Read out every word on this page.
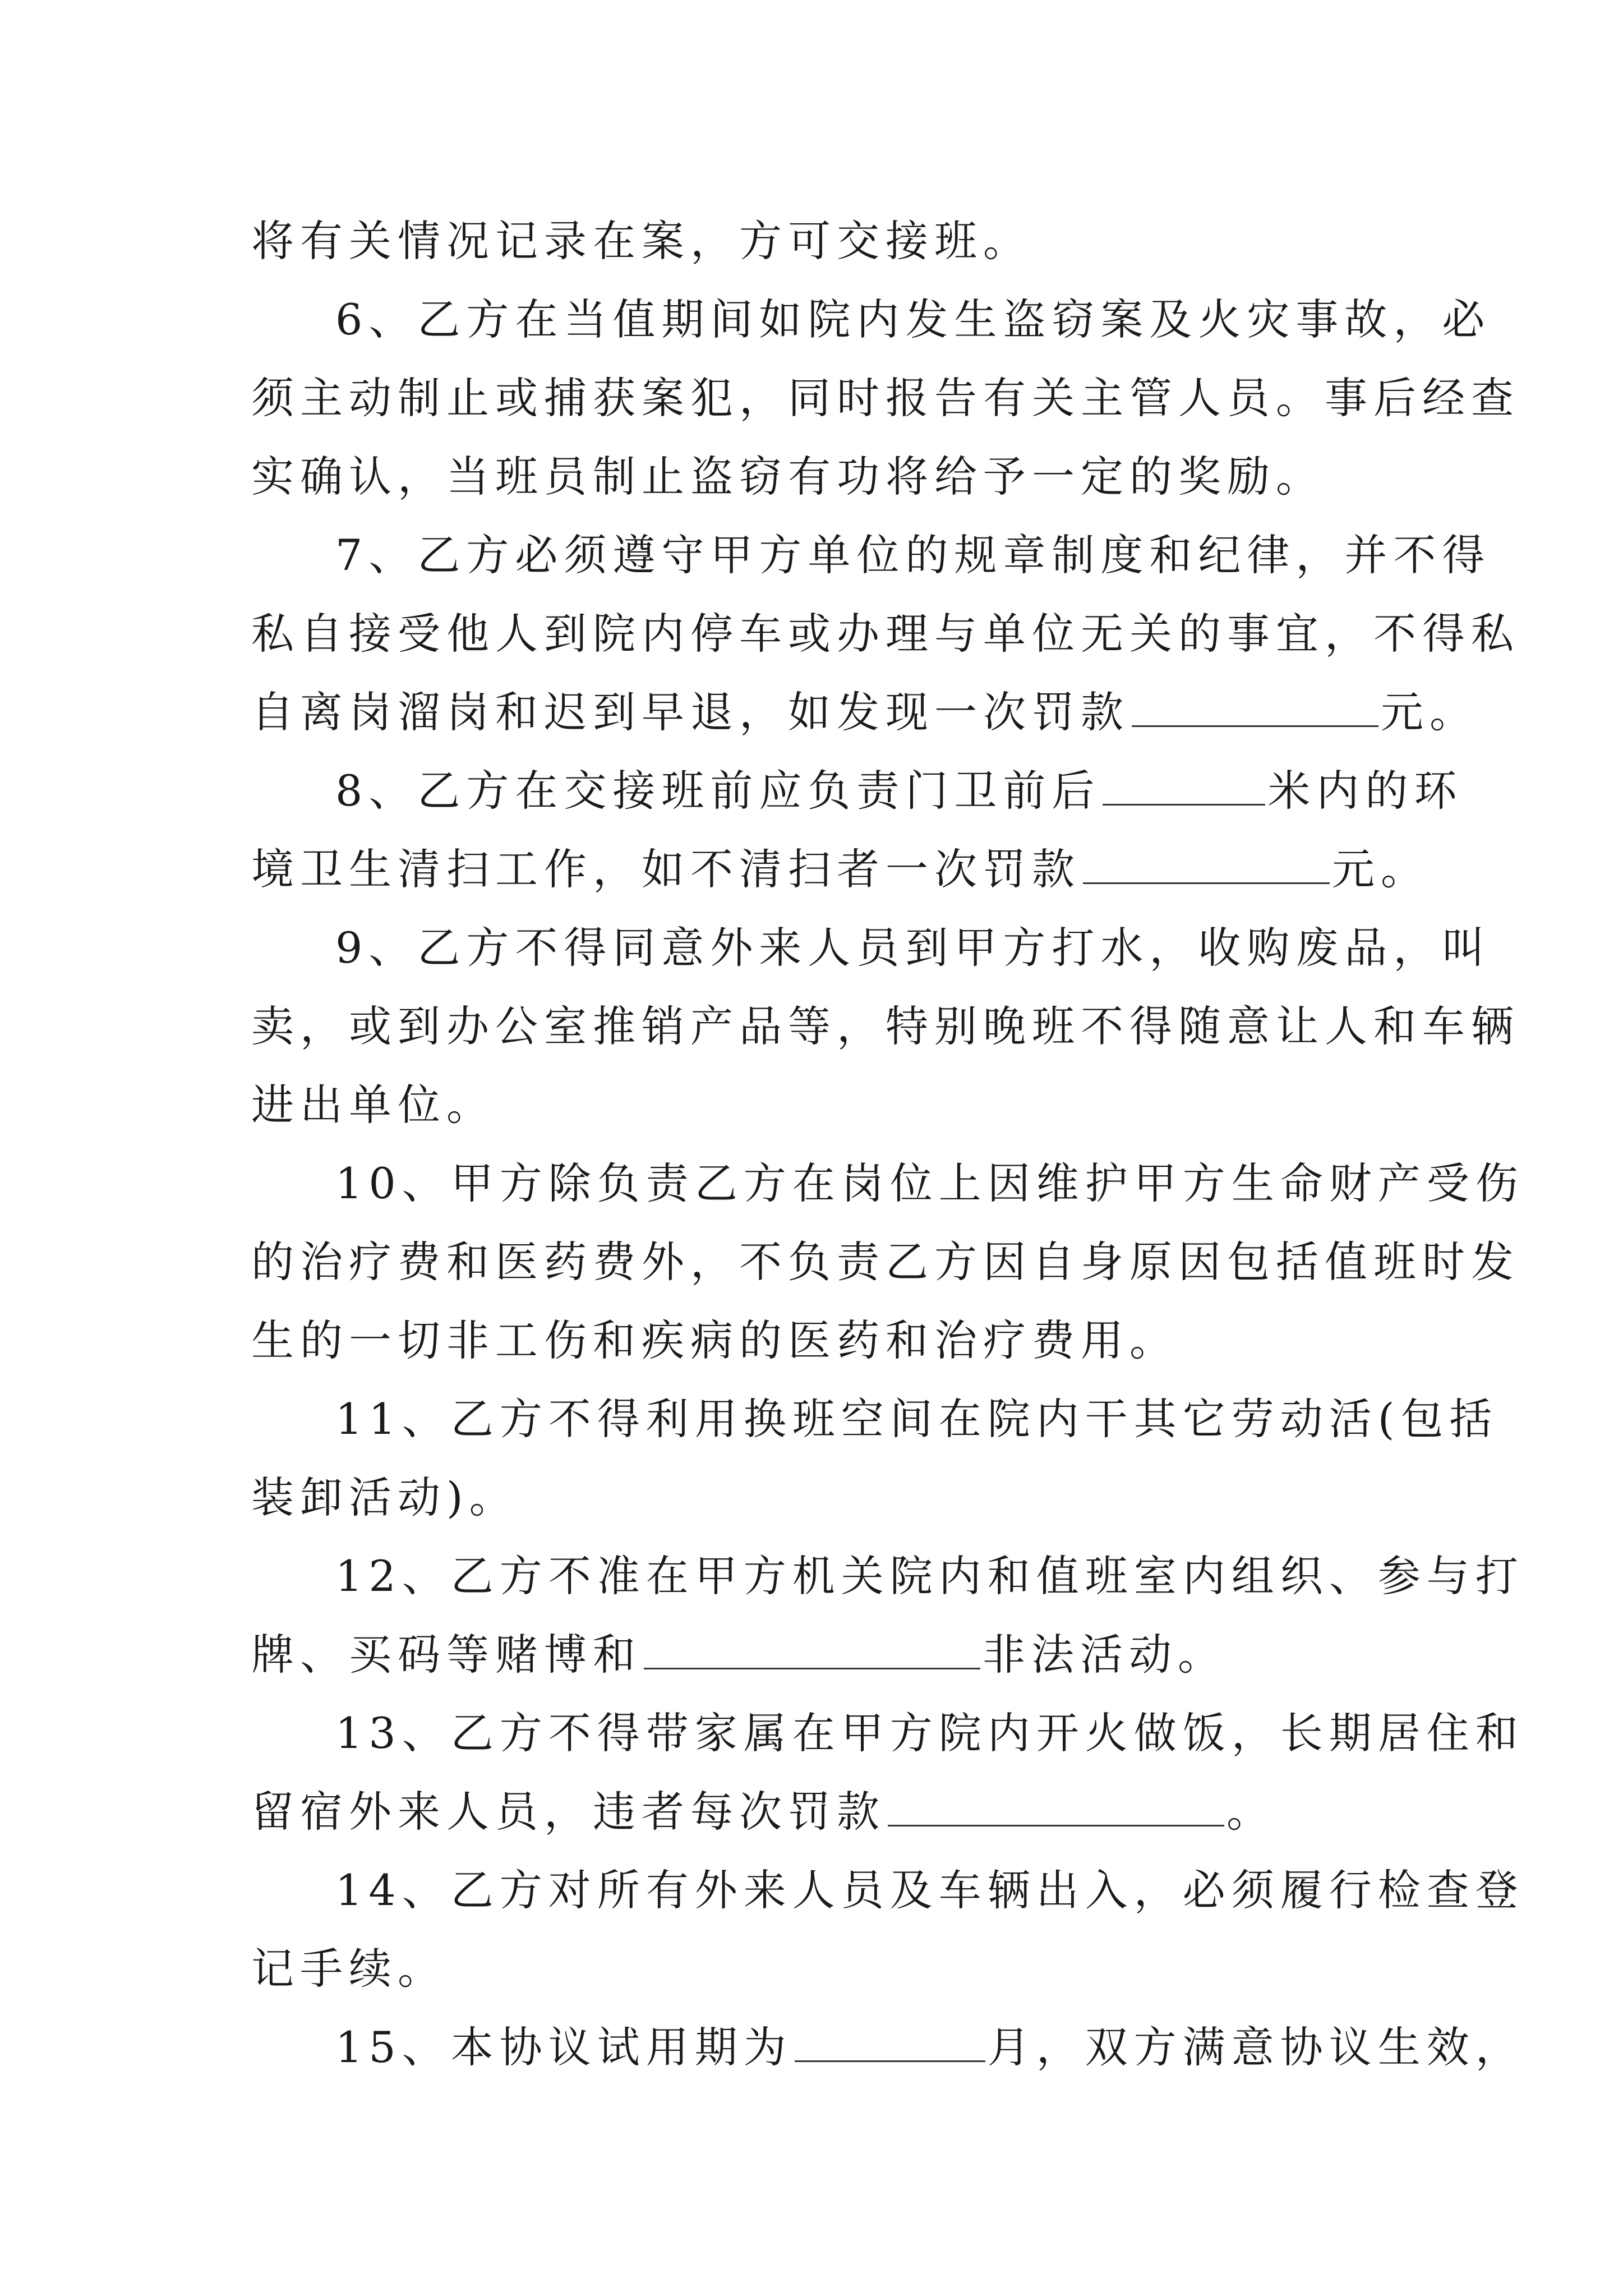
将有关情况记录在案，方可交接班。
6、乙方在当值期间如院内发生盗窃案及火灾事故，必
须主动制止或捕获案犯，同时报告有关主管人员。事后经查
实确认，当班员制止盗窃有功将给予一定的奖励。
7、乙方必须遵守甲方单位的规章制度和纪律，并不得
私自接受他人到院内停车或办理与单位无关的事宜，不得私
自离岗溜岗和迟到早退，如发现一次罚款	元。
8、乙方在交接班前应负责门卫前后	米内的环
境卫生清扫工作，如不清扫者一次罚款	元。
9、乙方不得同意外来人员到甲方打水，收购废品，叫
卖，或到办公室推销产品等，特别晚班不得随意让人和车辆
进出单位。
10、甲方除负责乙方在岗位上因维护甲方生命财产受伤
的治疗费和医药费外，不负责乙方因自身原因包括值班时发
生的一切非工伤和疾病的医药和治疗费用。
11、乙方不得利用换班空间在院内干其它劳动活(包括
装卸活动)。
12、乙方不准在甲方机关院内和值班室内组织、参与打
牌、买码等赌博和	非法活动。
13、乙方不得带家属在甲方院内开火做饭，长期居住和
留宿外来人员，违者每次罚款	。
14、乙方对所有外来人员及车辆出入，必须履行检查登
记手续。
15、本协议试用期为	月，双方满意协议生效，
